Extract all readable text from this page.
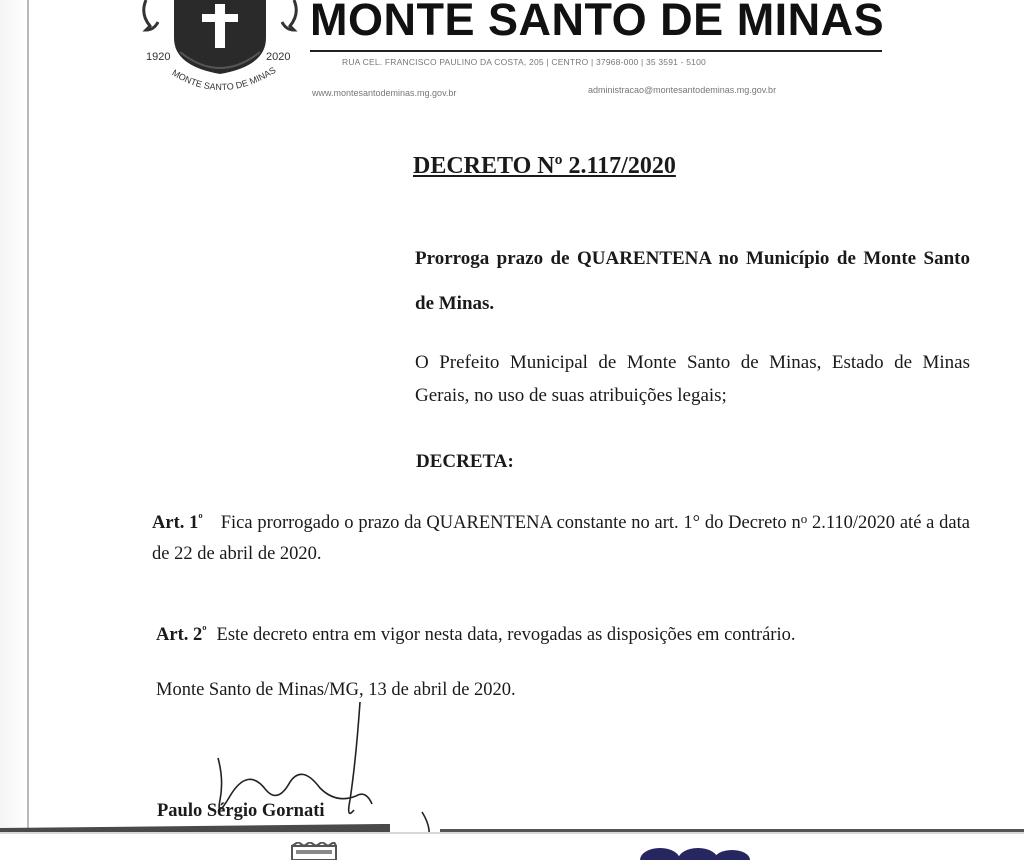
1920	2020
MONTE SANTO DE MINAS
MONTE SANTO DE MINAS
RUA CEL. FRANCISCO PAULINO DA COSTA, 205 | CENTRO | 37968-000 | 35 3591 - 5100
www.montesantodeminas.mg.gov.br	administracao@montesantodeminas.mg.gov.br
DECRETO Nº 2.117/2020
Prorroga prazo de QUARENTENA no Município de Monte Santo de Minas.
O Prefeito Municipal de Monte Santo de Minas, Estado de Minas Gerais, no uso de suas atribuições legais;
DECRETA:
Art. $1^º$ Fica prorrogado o prazo da QUARENTENA constante no art. 1° do Decreto $n^o$ 2.110/2020 até a data de 22 de abril de 2020.
Art. $2^º$ Este decreto entra em vigor nesta data, revogadas as disposições em contrário.
Monte Santo de Minas/MG, 13 de abril de 2020.
Paulo Sérgio Gornati
